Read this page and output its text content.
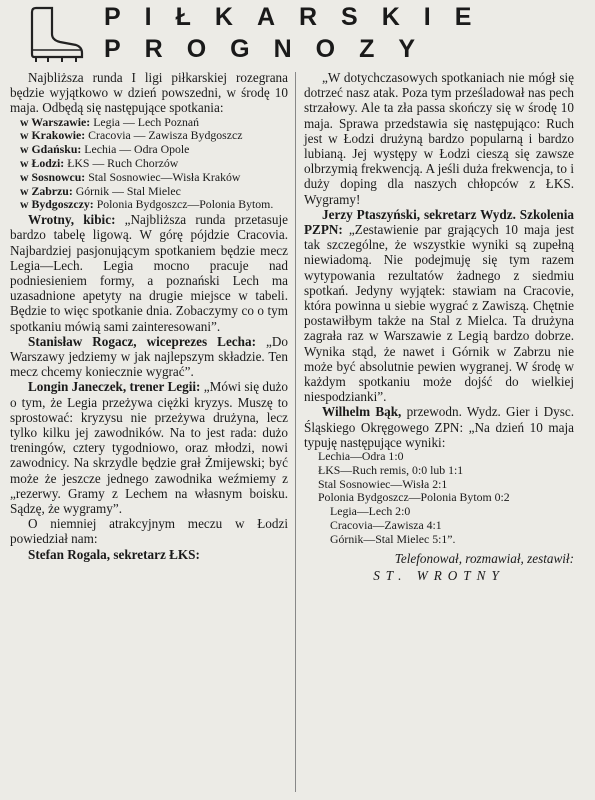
PIŁKARSKIE
PROGNOZY

Najbliższa runda I ligi piłkarskiej rozegrana będzie wyjątkowo w dzień powszedni, w środę 10 maja. Odbędą się następujące spotkania:

w Warszawie: Legia — Lech Poznań

w Krakowie: Cracovia — Zawisza Bydgoszcz

w Gdańsku: Lechia — Odra Opole

w Łodzi: ŁKS — Ruch Chorzów

w Sosnowcu: Stal Sosnowiec—Wisła Kraków

w Zabrzu: Górnik — Stal Mielec

w Bydgoszczy: Polonia Bydgoszcz—Polonia Bytom.

Wrotny, kibic: „Najbliższa runda przetasuje bardzo tabelę ligową. W górę pójdzie Cracovia. Najbardziej pasjonującym spotkaniem będzie mecz Legia—Lech. Legia mocno pracuje nad podniesieniem formy, a poznański Lech ma uzasadnione apetyty na drugie miejsce w tabeli. Będzie to więc spotkanie dnia. Zobaczymy co o tym spotkaniu mówią sami zainteresowani”.

Stanisław Rogacz, wiceprezes Lecha: „Do Warszawy jedziemy w jak najlepszym składzie. Ten mecz chcemy koniecznie wygrać”.

Longin Janeczek, trener Legii: „Mówi się dużo o tym, że Legia przeżywa ciężki kryzys. Muszę to sprostować: kryzysu nie przeżywa drużyna, lecz tylko kilku jej zawodników. Na to jest rada: dużo treningów, cztery tygodniowo, oraz młodzi, nowi zawodnicy. Na skrzydle będzie grał Żmijewski; być może że jeszcze jednego zawodnika weźmiemy z „rezerwy. Gramy z Lechem na własnym boisku. Sądzę, że wygramy”.

O niemniej atrakcyjnym meczu w Łodzi powiedział nam:

Stefan Rogala, sekretarz ŁKS:

„W dotychczasowych spotkaniach nie mógł się dotrzeć nasz atak. Poza tym prześladował nas pech strzałowy. Ale ta zła passa skończy się w środę 10 maja. Sprawa przedstawia się następująco: Ruch jest w Łodzi drużyną bardzo popularną i bardzo lubianą. Jej występy w Łodzi cieszą się zawsze olbrzymią frekwencją. A jeśli duża frekwencja, to i duży doping dla naszych chłopców z ŁKS. Wygramy!

Jerzy Ptaszyński, sekretarz Wydz. Szkolenia PZPN: „Zestawienie par grających 10 maja jest tak szczególne, że wszystkie wyniki są zupełną niewiadomą. Nie podejmuję się tym razem wytypowania rezultatów żadnego z siedmiu spotkań. Jedyny wyjątek: stawiam na Cracovie, która powinna u siebie wygrać z Zawiszą. Chętnie postawiłbym także na Stal z Mielca. Ta drużyna zagrała raz w Warszawie z Legią bardzo dobrze. Wynika stąd, że nawet i Górnik w Zabrzu nie może być absolutnie pewien wygranej. W środę w każdym spotkaniu może dojść do wielkiej niespodzianki”.

Wilhelm Bąk, przewodn. Wydz. Gier i Dysc. Śląskiego Okręgowego ZPN: „Na dzień 10 maja typuję następujące wyniki:

Lechia—Odra 1:0

ŁKS—Ruch remis, 0:0 lub 1:1

Stal Sosnowiec—Wisła 2:1

Polonia Bydgoszcz—Polonia Bytom 0:2

Legia—Lech 2:0

Cracovia—Zawisza 4:1

Górnik—Stal Mielec 5:1”.

Telefonował, rozmawiał, zestawił:

ST. WROTNY
